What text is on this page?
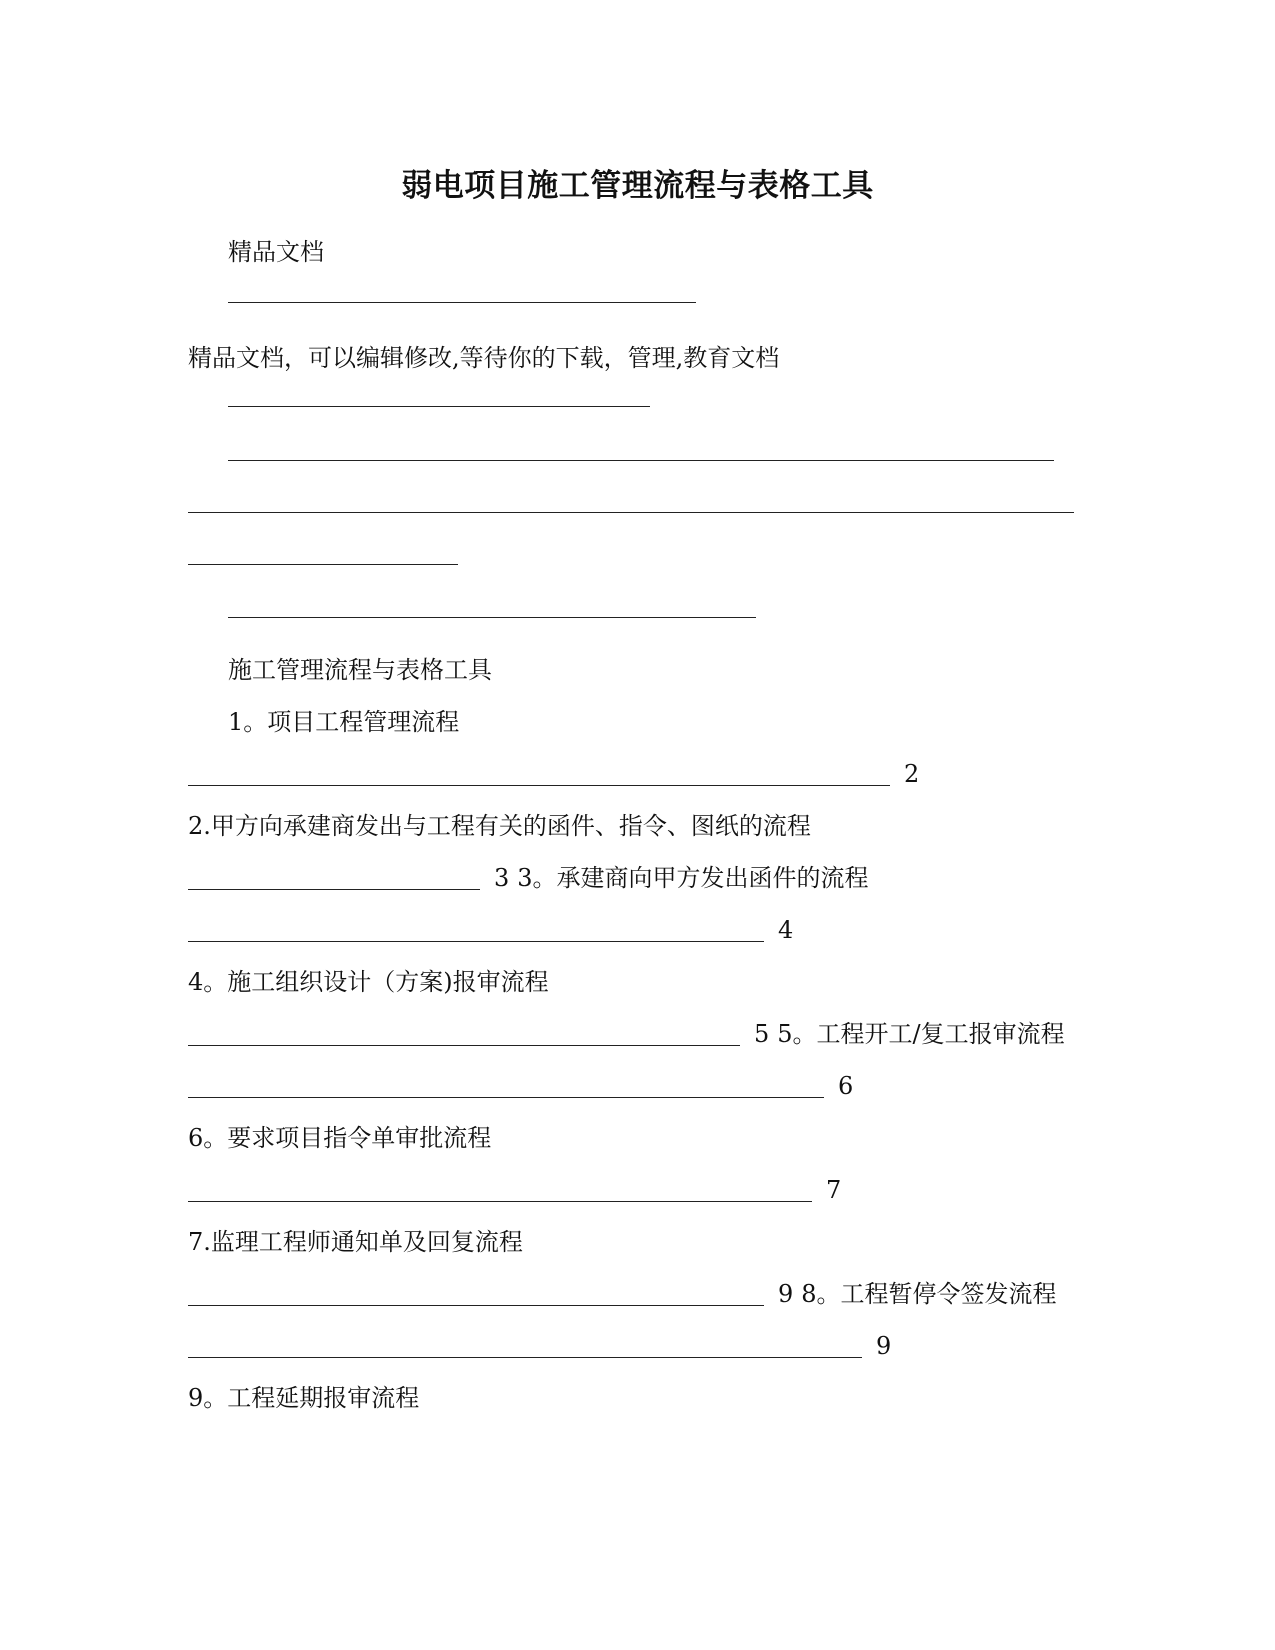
弱电项目施工管理流程与表格工具
精品文档
精品文档，可以编辑修改,等待你的下载，管理,教育文档
施工管理流程与表格工具
1。项目工程管理流程
2
2.甲方向承建商发出与工程有关的函件、指令、图纸的流程
3 3。承建商向甲方发出函件的流程
4
4。施工组织设计（方案)报审流程
5 5。工程开工/复工报审流程
6
6。要求项目指令单审批流程
7
7.监理工程师通知单及回复流程
9 8。工程暂停令签发流程
9
9。工程延期报审流程
